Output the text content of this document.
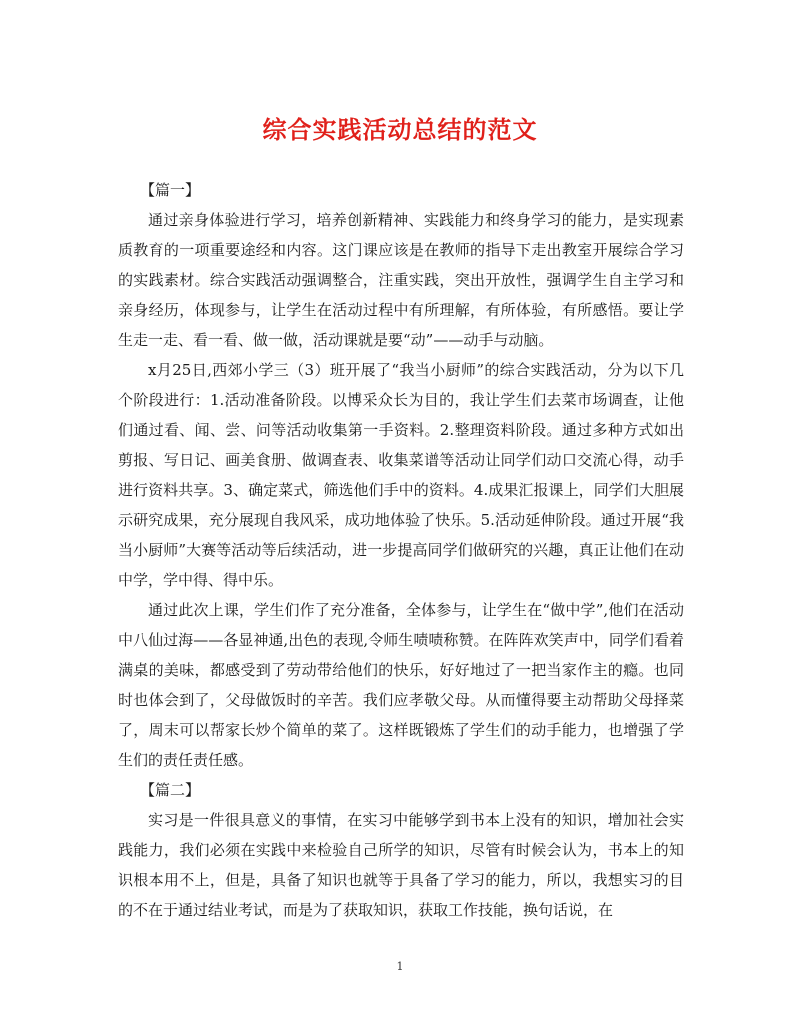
综合实践活动总结的范文
【篇一】

通过亲身体验进行学习，培养创新精神、实践能力和终身学习的能力，是实现素质教育的一项重要途经和内容。这门课应该是在教师的指导下走出教室开展综合学习的实践素材。综合实践活动强调整合，注重实践，突出开放性，强调学生自主学习和亲身经历，体现参与，让学生在活动过程中有所理解，有所体验，有所感悟。要让学生走一走、看一看、做一做，活动课就是要“动”——动手与动脑。

x月25日,西郊小学三（3）班开展了“我当小厨师”的综合实践活动，分为以下几个阶段进行：1.活动准备阶段。以博采众长为目的，我让学生们去菜市场调查，让他们通过看、闻、尝、问等活动收集第一手资料。2.整理资料阶段。通过多种方式如出剪报、写日记、画美食册、做调查表、收集菜谱等活动让同学们动口交流心得，动手进行资料共享。3、确定菜式，筛选他们手中的资料。4.成果汇报课上，同学们大胆展示研究成果，充分展现自我风采，成功地体验了快乐。5.活动延伸阶段。通过开展“我当小厨师”大赛等活动等后续活动，进一步提高同学们做研究的兴趣，真正让他们在动中学，学中得、得中乐。

通过此次上课，学生们作了充分准备，全体参与，让学生在“做中学”,他们在活动中八仙过海——各显神通,出色的表现,令师生啧啧称赞。在阵阵欢笑声中，同学们看着满桌的美味，都感受到了劳动带给他们的快乐，好好地过了一把当家作主的瘾。也同时也体会到了，父母做饭时的辛苦。我们应孝敬父母。从而懂得要主动帮助父母择菜了，周末可以帮家长炒个简单的菜了。这样既锻炼了学生们的动手能力，也增强了学生们的责任责任感。

【篇二】

实习是一件很具意义的事情，在实习中能够学到书本上没有的知识，增加社会实践能力，我们必须在实践中来检验自己所学的知识，尽管有时候会认为，书本上的知识根本用不上，但是，具备了知识也就等于具备了学习的能力，所以，我想实习的目的不在于通过结业考试，而是为了获取知识，获取工作技能，换句话说，在

1
